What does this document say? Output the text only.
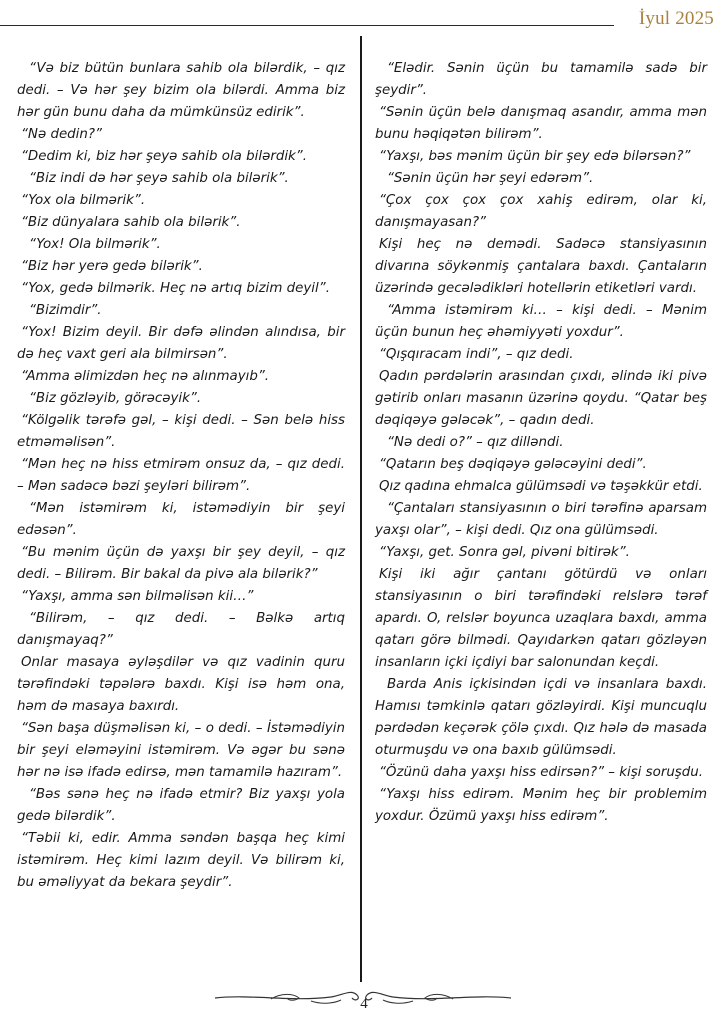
İyul 2025

“Və biz bütün bunlara sahib ola bilərdik, – qız dedi. – Və hər şey bizim ola bilərdi. Amma biz hər gün bunu daha da mümkünsüz edirik”.

“Nə dedin?”

“Dedim ki, biz hər şeyə sahib ola bilərdik”.

“Biz indi də hər şeyə sahib ola bilərik”.

“Yox ola bilmərik”.

“Biz dünyalara sahib ola bilərik”.

“Yox! Ola bilmərik”.

“Biz hər yerə gedə bilərik”.

“Yox, gedə bilmərik. Heç nə artıq bizim deyil”.

“Bizimdir”.

“Yox! Bizim deyil. Bir dəfə əlindən alındısa, bir də heç vaxt geri ala bilmirsən”.

“Amma əlimizdən heç nə alınmayıb”.

“Biz gözləyib, görəcəyik”.

“Kölgəlik tərəfə gəl, – kişi dedi. – Sən belə hiss etməməlisən”.

“Mən heç nə hiss etmirəm onsuz da, – qız dedi. – Mən sadəcə bəzi şeyləri bilirəm”.

“Mən istəmirəm ki, istəmədiyin bir şeyi edəsən”.

“Bu mənim üçün də yaxşı bir şey deyil, – qız dedi. – Bilirəm. Bir bakal da pivə ala bilərik?”

“Yaxşı, amma sən bilməlisən kii…”

“Bilirəm, – qız dedi. – Bəlkə artıq danışmayaq?”

Onlar masaya əyləşdilər və qız vadinin quru tərəfindəki təpələrə baxdı. Kişi isə həm ona, həm də masaya baxırdı.

“Sən başa düşməlisən ki, – o dedi. – İstəmədiyin bir şeyi eləməyini istəmirəm. Və əgər bu sənə hər nə isə ifadə edirsə, mən tamamilə hazıram”.

“Bəs sənə heç nə ifadə etmir? Biz yaxşı yola gedə bilərdik”.

“Təbii ki, edir. Amma səndən başqa heç kimi istəmirəm. Heç kimi lazım deyil. Və bilirəm ki, bu əməliyyat da bekara şeydir”.

“Elədir. Sənin üçün bu tamamilə sadə bir şeydir”.

“Sənin üçün belə danışmaq asandır, amma mən bunu həqiqətən bilirəm”.

“Yaxşı, bəs mənim üçün bir şey edə bilərsən?”

“Sənin üçün hər şeyi edərəm”.

“Çox çox çox çox xahiş edirəm, olar ki, danışmayasan?”

Kişi heç nə demədi. Sadəcə stansiyasının divarına söykənmiş çantalara baxdı. Çantaların üzərində gecələdikləri hotellərin etiketləri vardı.

“Amma istəmirəm ki… – kişi dedi. – Mənim üçün bunun heç əhəmiyyəti yoxdur”.

“Qışqıracam indi”, – qız dedi.

Qadın pərdələrin arasından çıxdı, əlində iki pivə gətirib onları masanın üzərinə qoydu. “Qatar beş dəqiqəyə gələcək”, – qadın dedi.

“Nə dedi o?” – qız dilləndi.

“Qatarın beş dəqiqəyə gələcəyini dedi”.

Qız qadına ehmalca gülümsədi və təşəkkür etdi.

“Çantaları stansiyasının o biri tərəfinə aparsam yaxşı olar”, – kişi dedi. Qız ona gülümsədi.

“Yaxşı, get. Sonra gəl, pivəni bitirək”.

Kişi iki ağır çantanı götürdü və onları stansiyasının o biri tərəfindəki relslərə tərəf apardı. O, relslər boyunca uzaqlara baxdı, amma qatarı görə bilmədi. Qayıdarkən qatarı gözləyən insanların içki içdiyi bar salonundan keçdi.

Barda Anis içkisindən içdi və insanlara baxdı. Hamısı təmkinlə qatarı gözləyirdi. Kişi muncuqlu pərdədən keçərək çölə çıxdı. Qız hələ də masada oturmuşdu və ona baxıb gülümsədi.

“Özünü daha yaxşı hiss edirsən?” – kişi soruşdu.

“Yaxşı hiss edirəm. Mənim heç bir problemim yoxdur. Özümü yaxşı hiss edirəm”.

4
